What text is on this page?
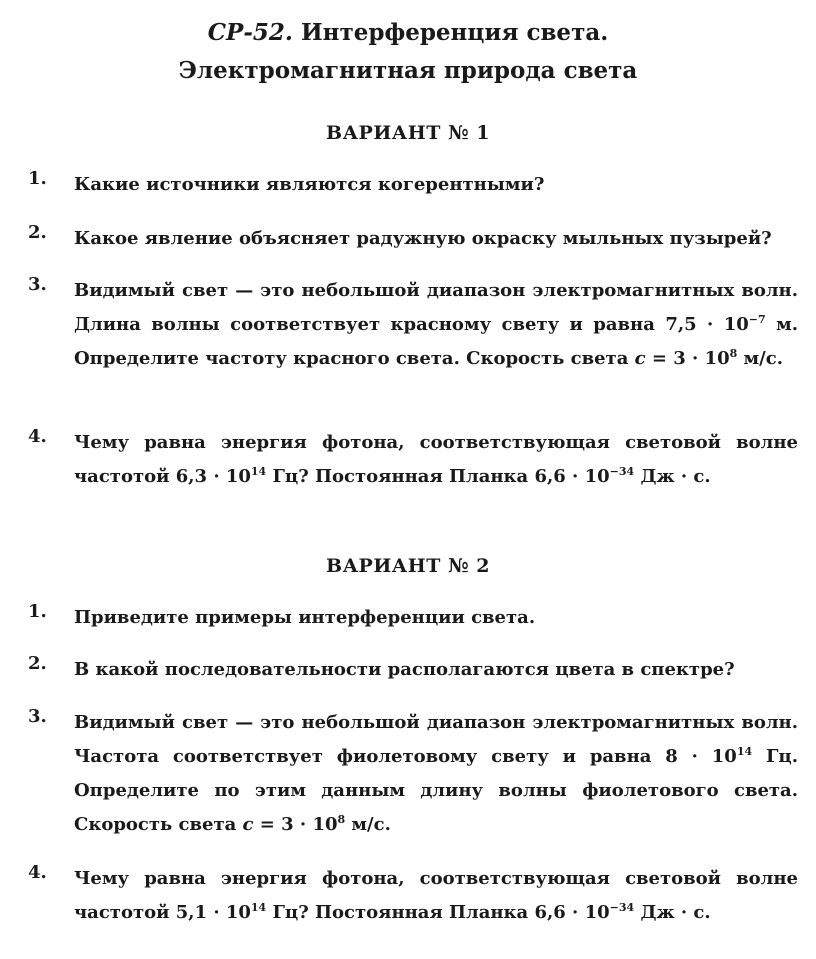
СР-52. Интерференция света.
Электромагнитная природа света
ВАРИАНТ № 1
1.	Какие источники являются когерентными?
2.	Какое явление объясняет радужную окраску мыльных пузырей?
3.	Видимый свет — это небольшой диапазон электромагнитных волн. Длина волны соответствует красному свету и равна $7,5 \cdot 10^{-7}$ м. Определите частоту красного света. Скорость света $c = 3 \cdot 10^8$ м/с.
4.	Чему равна энергия фотона, соответствующая световой волне частотой $6,3 \cdot 10^{14}$ Гц? Постоянная Планка $6,6 \cdot 10^{-34}$ Дж · с.
ВАРИАНТ № 2
1.	Приведите примеры интерференции света.
2.	В какой последовательности располагаются цвета в спектре?
3.	Видимый свет — это небольшой диапазон электромагнитных волн. Частота соответствует фиолетовому свету и равна $8 \cdot 10^{14}$ Гц. Определите по этим данным длину волны фиолетового света. Скорость света $c = 3 \cdot 10^8$ м/с.
4.	Чему равна энергия фотона, соответствующая световой волне частотой $5,1 \cdot 10^{14}$ Гц? Постоянная Планка $6,6 \cdot 10^{-34}$ Дж · с.
